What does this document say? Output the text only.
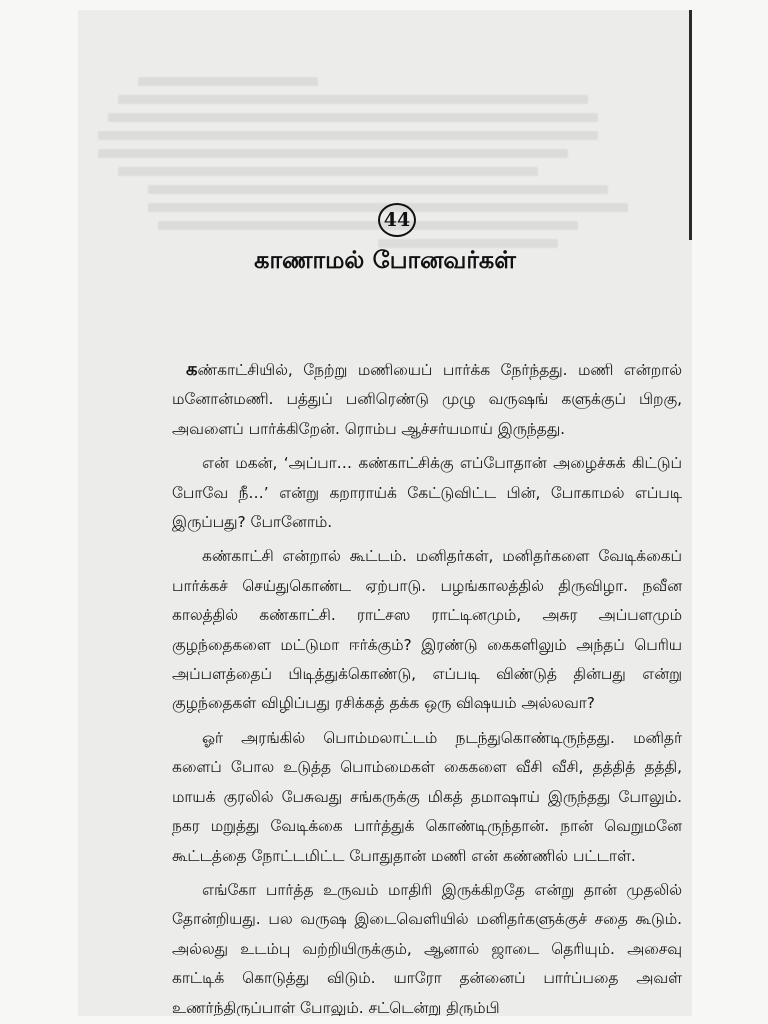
44
காணாமல் போனவர்கள்

கண்காட்சியில், நேற்று மணியைப் பார்க்க நேர்ந்தது. மணி என்றால் மனோன்மணி. பத்துப் பனிரெண்டு முழு வருஷங் களுக்குப் பிறகு, அவளைப் பார்க்கிறேன். ரொம்ப ஆச்சர்யமாய் இருந்தது.

என் மகன், ‘அப்பா… கண்காட்சிக்கு எப்போதான் அழைச்சுக் கிட்டுப் போவே நீ…’ என்று கறாராய்க் கேட்டுவிட்ட பின், போகாமல் எப்படி இருப்பது? போனோம்.

கண்காட்சி என்றால் கூட்டம். மனிதர்கள், மனிதர்களை வேடிக்கைப் பார்க்கச் செய்துகொண்ட ஏற்பாடு. பழங்காலத்தில் திருவிழா. நவீன காலத்தில் கண்காட்சி. ராட்சஸ ராட்டினமும், அசுர அப்பளமும் குழந்தைகளை மட்டுமா ஈர்க்கும்? இரண்டு கைகளிலும் அந்தப் பெரிய அப்பளத்தைப் பிடித்துக்கொண்டு, எப்படி விண்டுத் தின்பது என்று குழந்தைகள் விழிப்பது ரசிக்கத் தக்க ஒரு விஷயம் அல்லவா?

ஓர் அரங்கில் பொம்மலாட்டம் நடந்துகொண்டிருந்தது. மனிதர் களைப் போல உடுத்த பொம்மைகள் கைகளை வீசி வீசி, தத்தித் தத்தி, மாயக் குரலில் பேசுவது சங்கருக்கு மிகத் தமாஷாய் இருந்தது போலும். நகர மறுத்து வேடிக்கை பார்த்துக் கொண்டிருந்தான். நான் வெறுமனே கூட்டத்தை நோட்டமிட்ட போதுதான் மணி என் கண்ணில் பட்டாள்.

எங்கோ பார்த்த உருவம் மாதிரி இருக்கிறதே என்று தான் முதலில் தோன்றியது. பல வருஷ இடைவெளியில் மனிதர்களுக்குச் சதை கூடும். அல்லது உடம்பு வற்றியிருக்கும், ஆனால் ஜாடை தெரியும். அசைவு காட்டிக் கொடுத்து விடும். யாரோ தன்னைப் பார்ப்பதை அவள் உணர்ந்திருப்பாள் போலும். சட்டென்று திரும்பி
